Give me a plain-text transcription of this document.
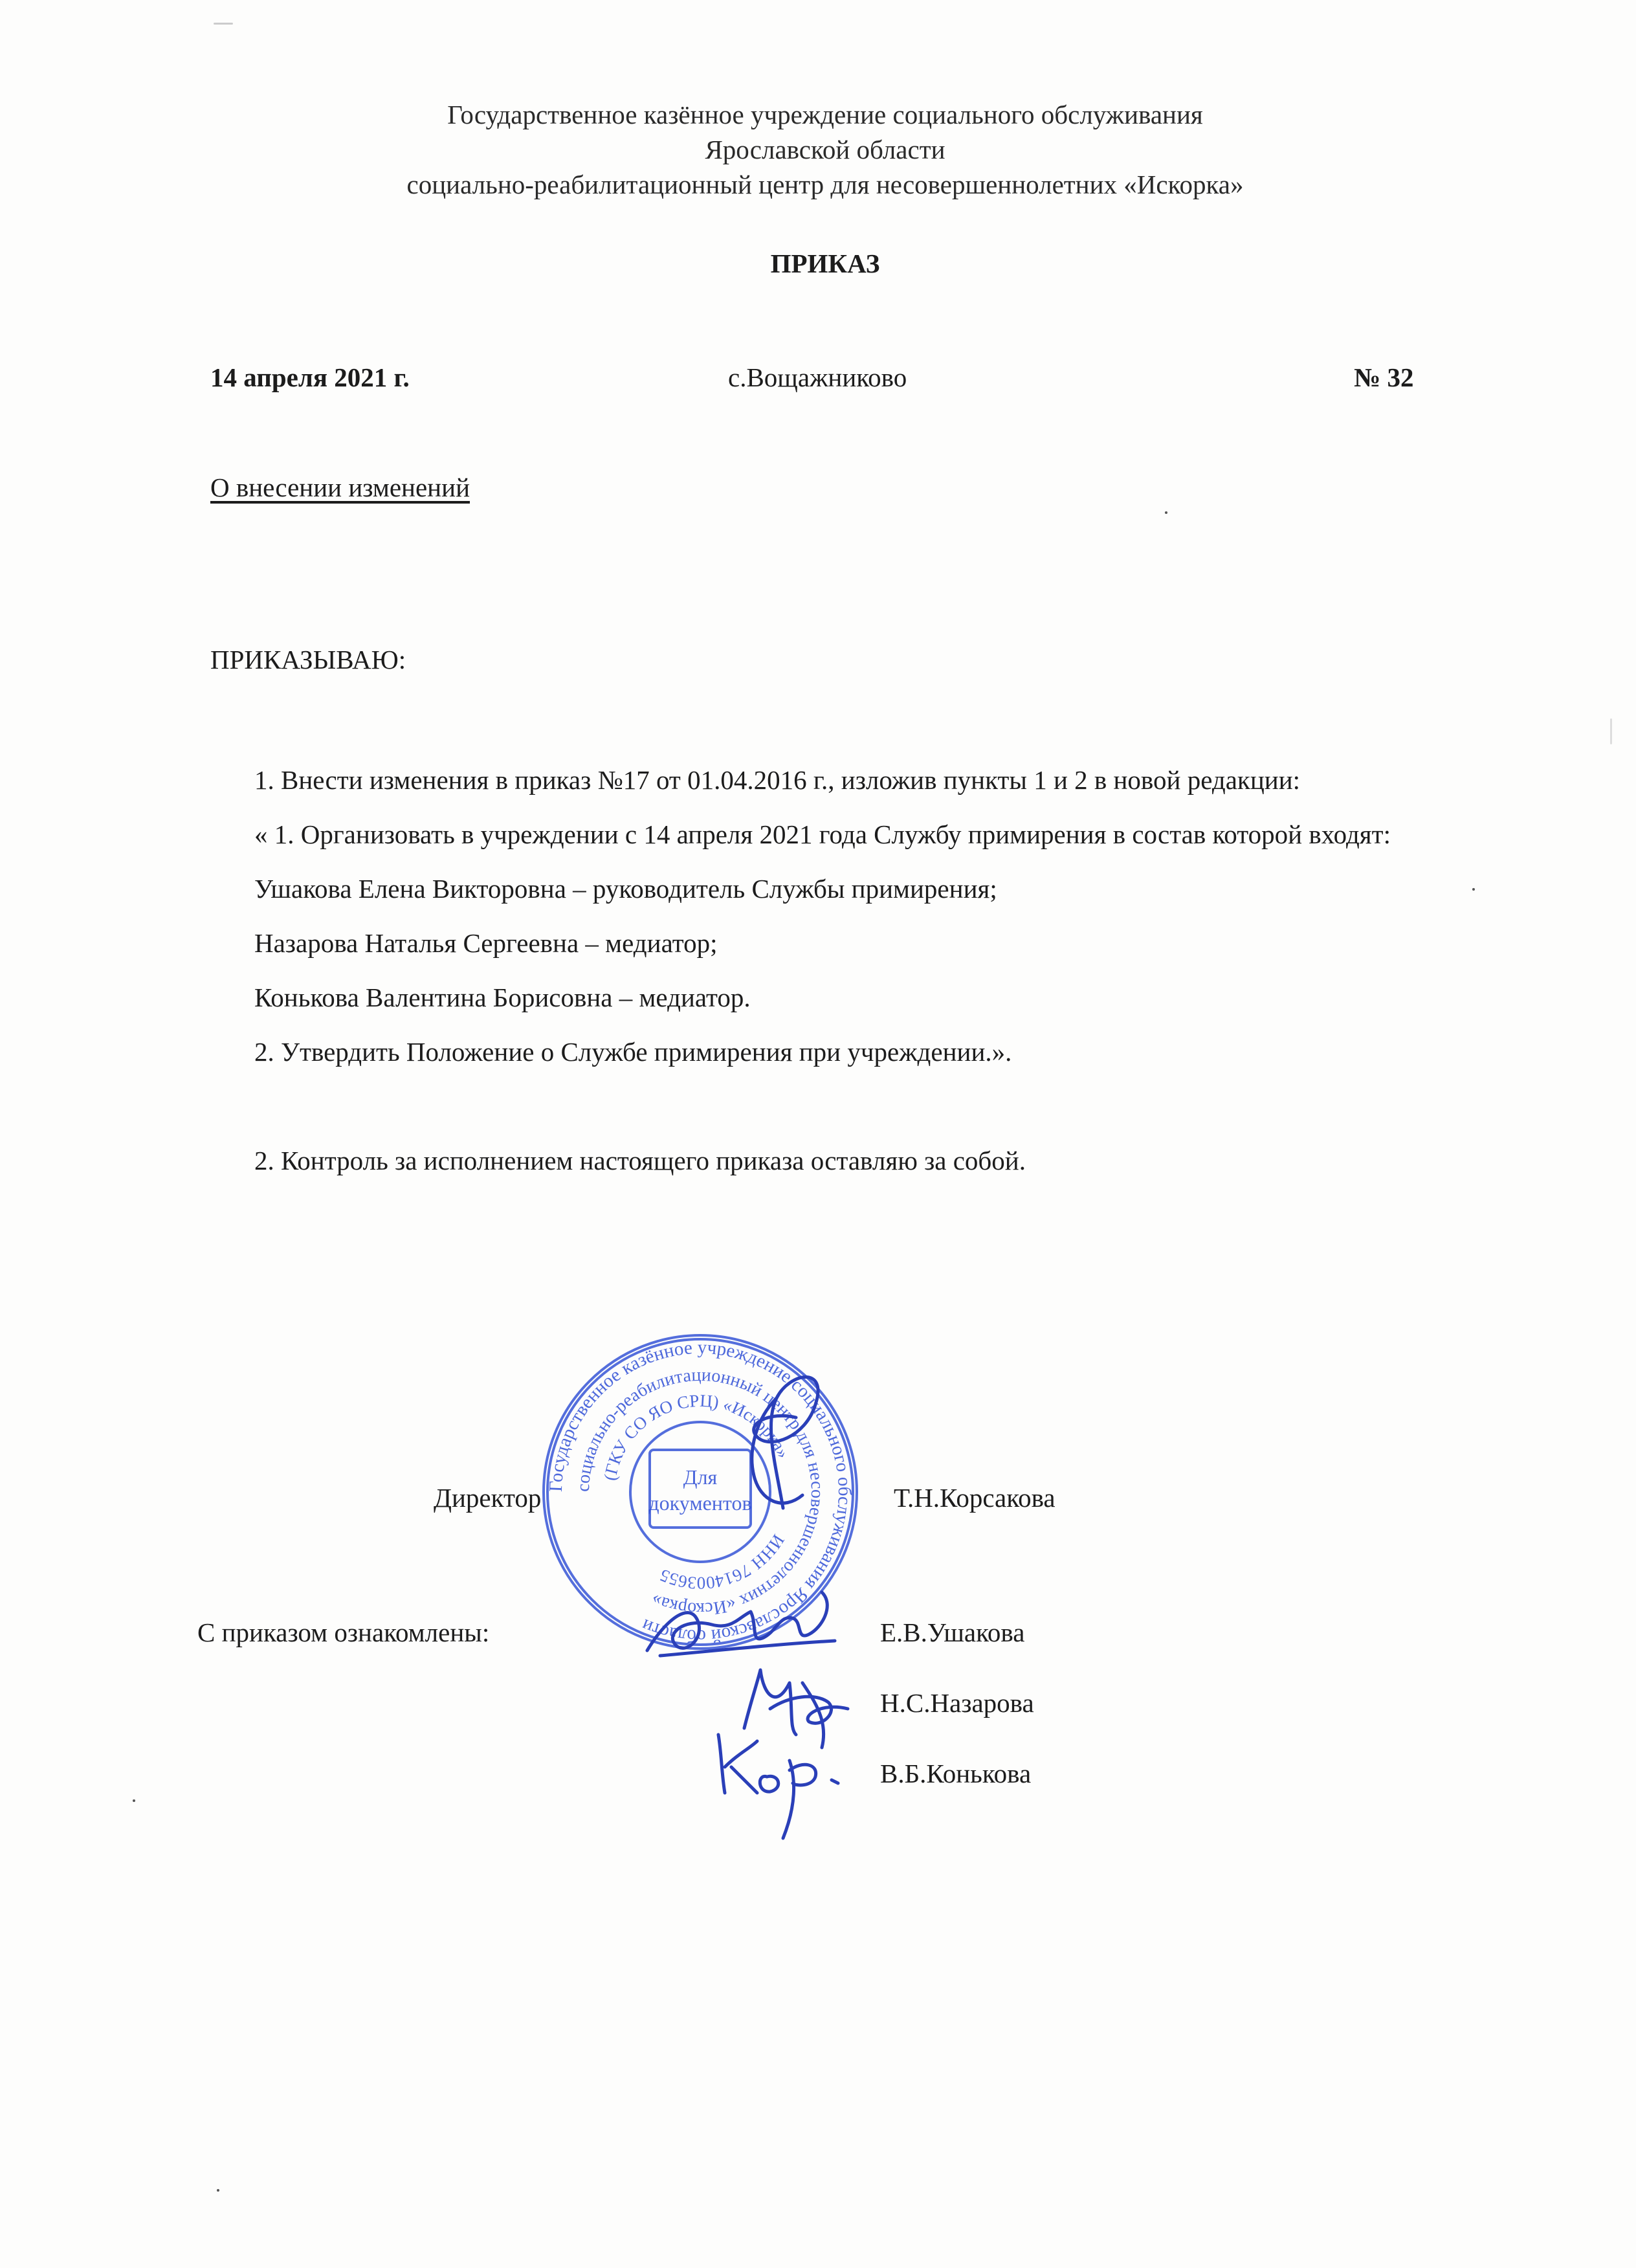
Государственное казённое учреждение социального обслуживания
Ярославской области
социально-реабилитационный центр для несовершеннолетних «Искорка»
ПРИКАЗ
14 апреля 2021 г.	с.Вощажниково	№ 32
О внесении изменений
ПРИКАЗЫВАЮ:

1. Внести изменения в приказ №17 от 01.04.2016 г., изложив пункты 1 и 2 в новой редакции:

« 1. Организовать в учреждении с 14 апреля 2021 года Службу примирения в состав которой входят:

Ушакова Елена Викторовна – руководитель Службы примирения;

Назарова Наталья Сергеевна – медиатор;

Конькова Валентина Борисовна – медиатор.

2. Утвердить Положение о Службе примирения при учреждении.».

2. Контроль за исполнением настоящего приказа оставляю за собой.

Директор	Т.Н.Корсакова
С приказом ознакомлены:	Е.В.Ушакова
Н.С.Назарова
В.Б.Конькова
Государственное казённое учреждение социального обслуживания Ярославской области
социально-реабилитационный центр для несовершеннолетних «Искорка»
(ГКУ СО ЯО СРЦ) «Искорка»
ИНН 7614003655
Для
документов
